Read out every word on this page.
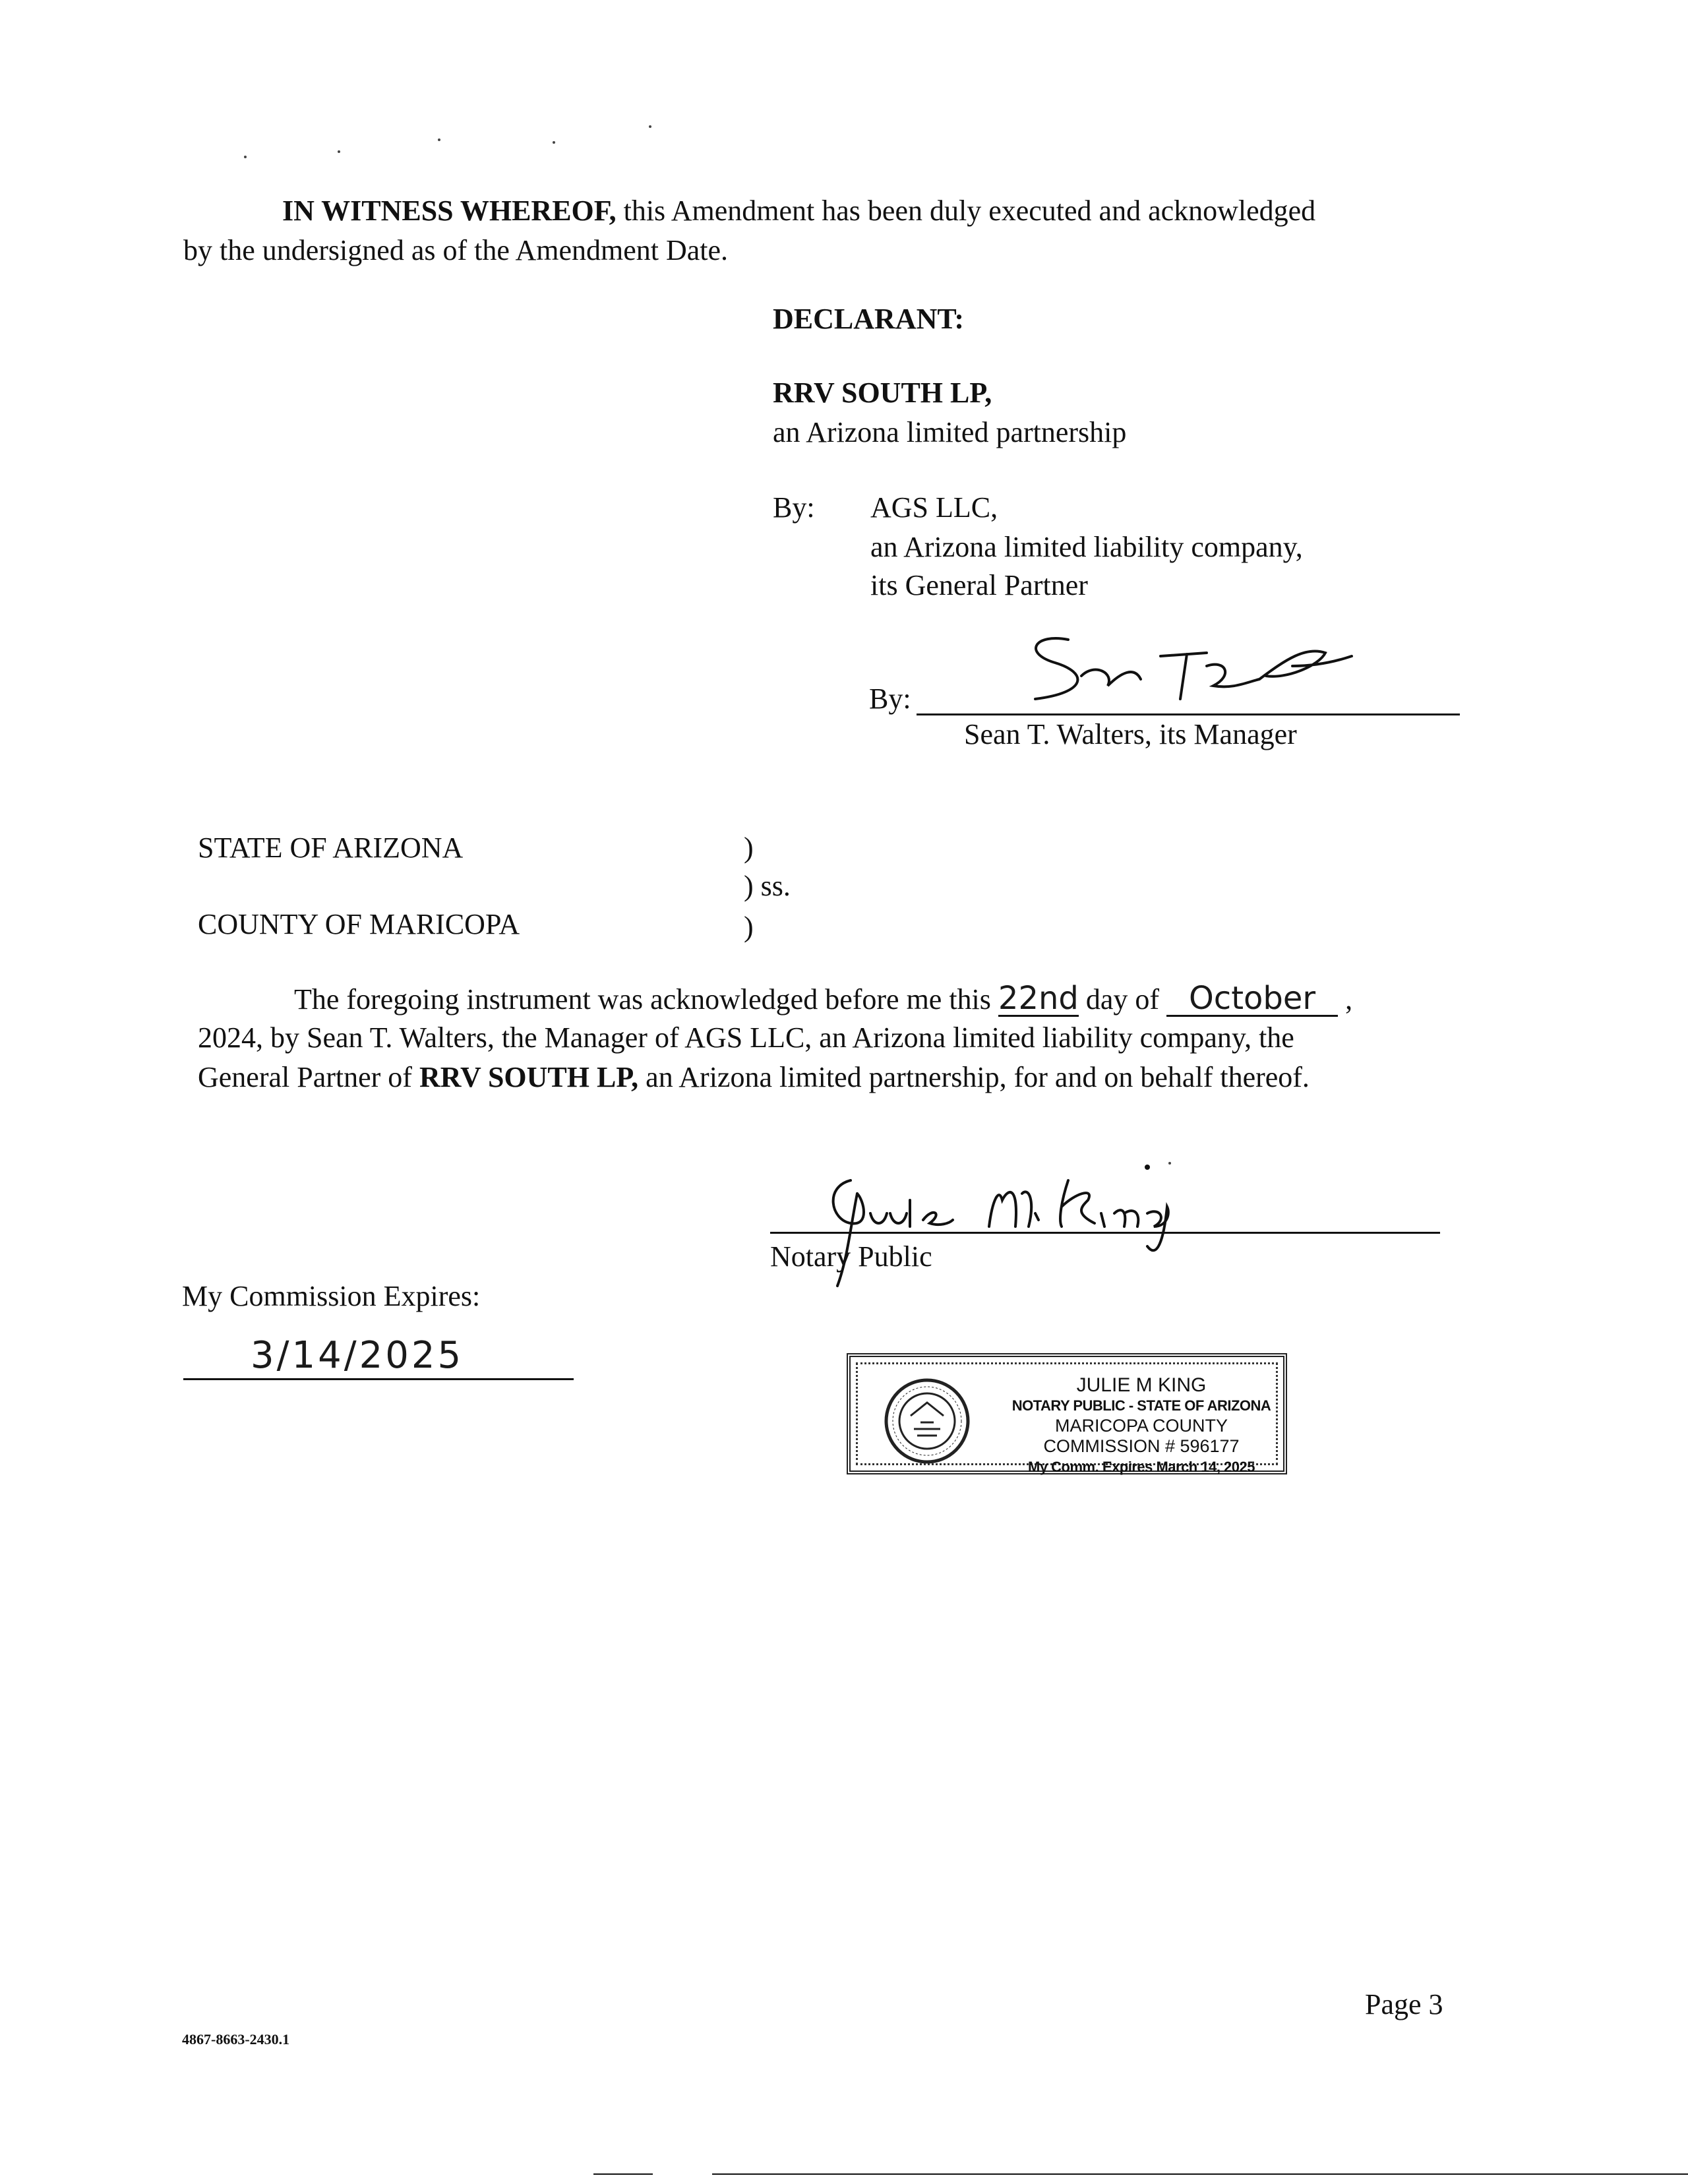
IN WITNESS WHEREOF, this Amendment has been duly executed and acknowledged
by the undersigned as of the Amendment Date.
DECLARANT:
RRV SOUTH LP,
an Arizona limited partnership
By: AGS LLC,
an Arizona limited liability company,
its General Partner
By:
Sean T. Walters, its Manager
STATE OF ARIZONA	)
) ss.
COUNTY OF MARICOPA	)
The foregoing instrument was acknowledged before me this 22nd day of October ,
2024, by Sean T. Walters, the Manager of AGS LLC, an Arizona limited liability company, the
General Partner of RRV SOUTH LP, an Arizona limited partnership, for and on behalf thereof.
Notary Public
My Commission Expires:
3/14/2025
JULIE M KING
NOTARY PUBLIC - STATE OF ARIZONA
MARICOPA COUNTY
COMMISSION # 596177
My Comm. Expires March 14, 2025
Page 3
4867-8663-2430.1
